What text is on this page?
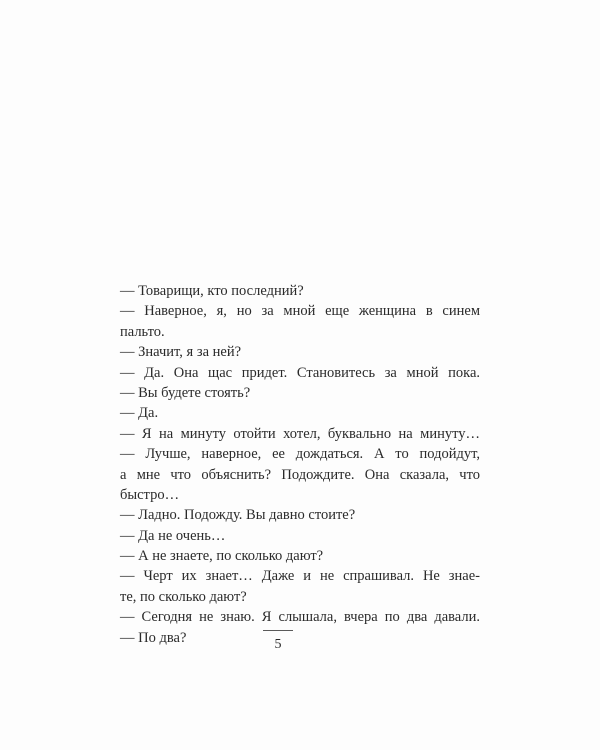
— Товарищи, кто последний?
— Наверное, я, но за мной еще женщина в синем
пальто.
— Значит, я за ней?
— Да. Она щас придет. Становитесь за мной пока.
— Вы будете стоять?
— Да.
— Я на минуту отойти хотел, буквально на минуту…
— Лучше, наверное, ее дождаться. А то подойдут,
а мне что объяснить? Подождите. Она сказала, что
быстро…
— Ладно. Подожду. Вы давно стоите?
— Да не очень…
— А не знаете, по сколько дают?
— Черт их знает… Даже и не спрашивал. Не знае-
те, по сколько дают?
— Сегодня не знаю. Я слышала, вчера по два давали.
— По два?	5
